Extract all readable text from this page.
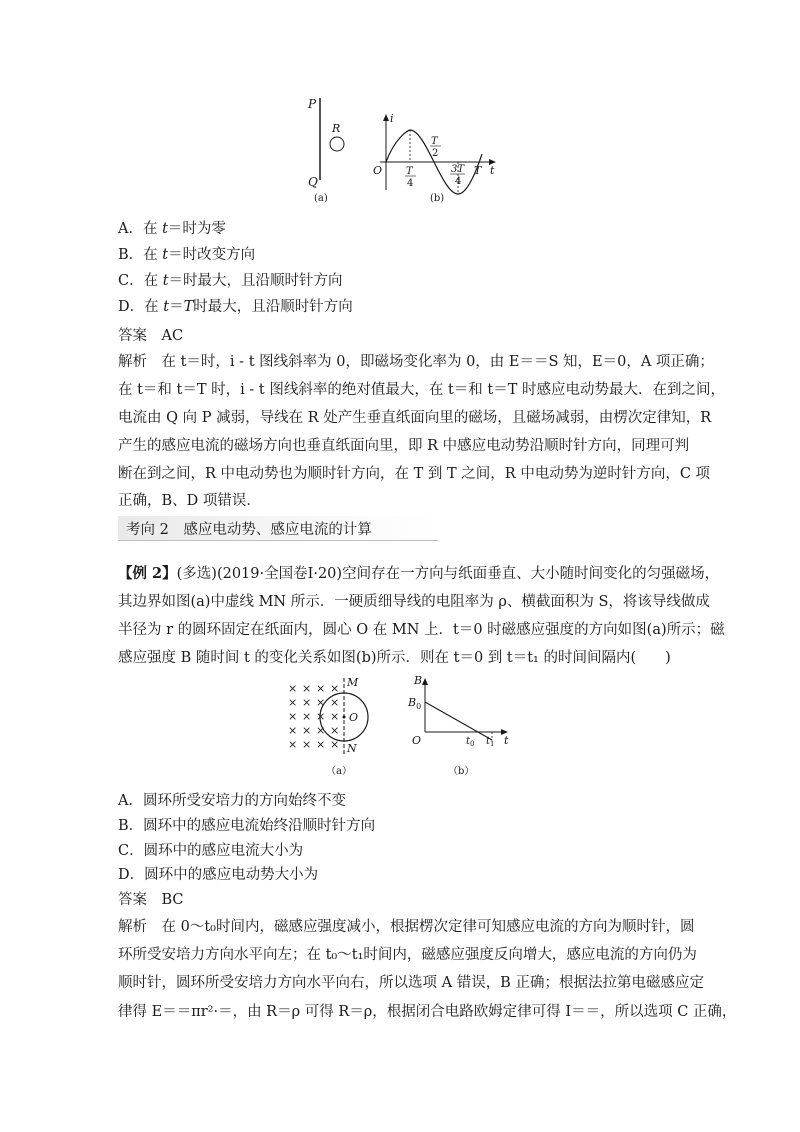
P
Q
R
(a)
i
t
O T
4
T
2
3T
4
T
(b)
A．在 t＝时为零
B．在 t＝时改变方向
C．在 t＝时最大，且沿顺时针方向
D．在 t＝T时最大，且沿顺时针方向
答案　 AC
解析　 在 t＝时，i - t 图线斜率为 0，即磁场变化率为 0，由 E＝＝S 知，E＝0，A 项正确；
在 t＝和 t＝T 时，i - t 图线斜率的绝对值最大，在 t＝和 t＝T 时感应电动势最大．在到之间，
电流由 Q 向 P 减弱，导线在 R 处产生垂直纸面向里的磁场，且磁场减弱，由楞次定律知，R
产生的感应电流的磁场方向也垂直纸面向里，即 R 中感应电动势沿顺时针方向，同理可判
断在到之间，R 中电动势也为顺时针方向，在 T 到 T 之间，R 中电动势为逆时针方向，C 项
正确，B、D 项错误．
考向 2　感应电动势、感应电流的计算
【例 2】(多选)(2019·全国卷Ⅰ·20)空间存在一方向与纸面垂直、大小随时间变化的匀强磁场，
其边界如图(a)中虚线 MN 所示．一硬质细导线的电阻率为 ρ、横截面积为 S，将该导线做成
半径为 r 的圆环固定在纸面内，圆心 O 在 MN 上．t＝0 时磁感应强度的方向如图(a)所示；磁
感应强度 B 随时间 t 的变化关系如图(b)所示．则在 t＝0 到 t＝t₁ 的时间间隔内(　　)
× × × ×
× × × ×
× × × ×
× × × ×
× × × ×
M
N
O
（a）
B
t
O
$B_0$
$t_0$ $t_1$
（b）
A．圆环所受安培力的方向始终不变
B．圆环中的感应电流始终沿顺时针方向
C．圆环中的感应电流大小为
D．圆环中的感应电动势大小为
答案　 BC
解析　 在 0～t₀时间内，磁感应强度减小，根据楞次定律可知感应电流的方向为顺时针，圆
环所受安培力方向水平向左；在 t₀～t₁时间内，磁感应强度反向增大，感应电流的方向仍为
顺时针，圆环所受安培力方向水平向右，所以选项 A 错误，B 正确；根据法拉第电磁感应定
律得 E＝＝πr²·＝，由 R＝ρ 可得 R＝ρ，根据闭合电路欧姆定律可得 I＝＝，所以选项 C 正确，
